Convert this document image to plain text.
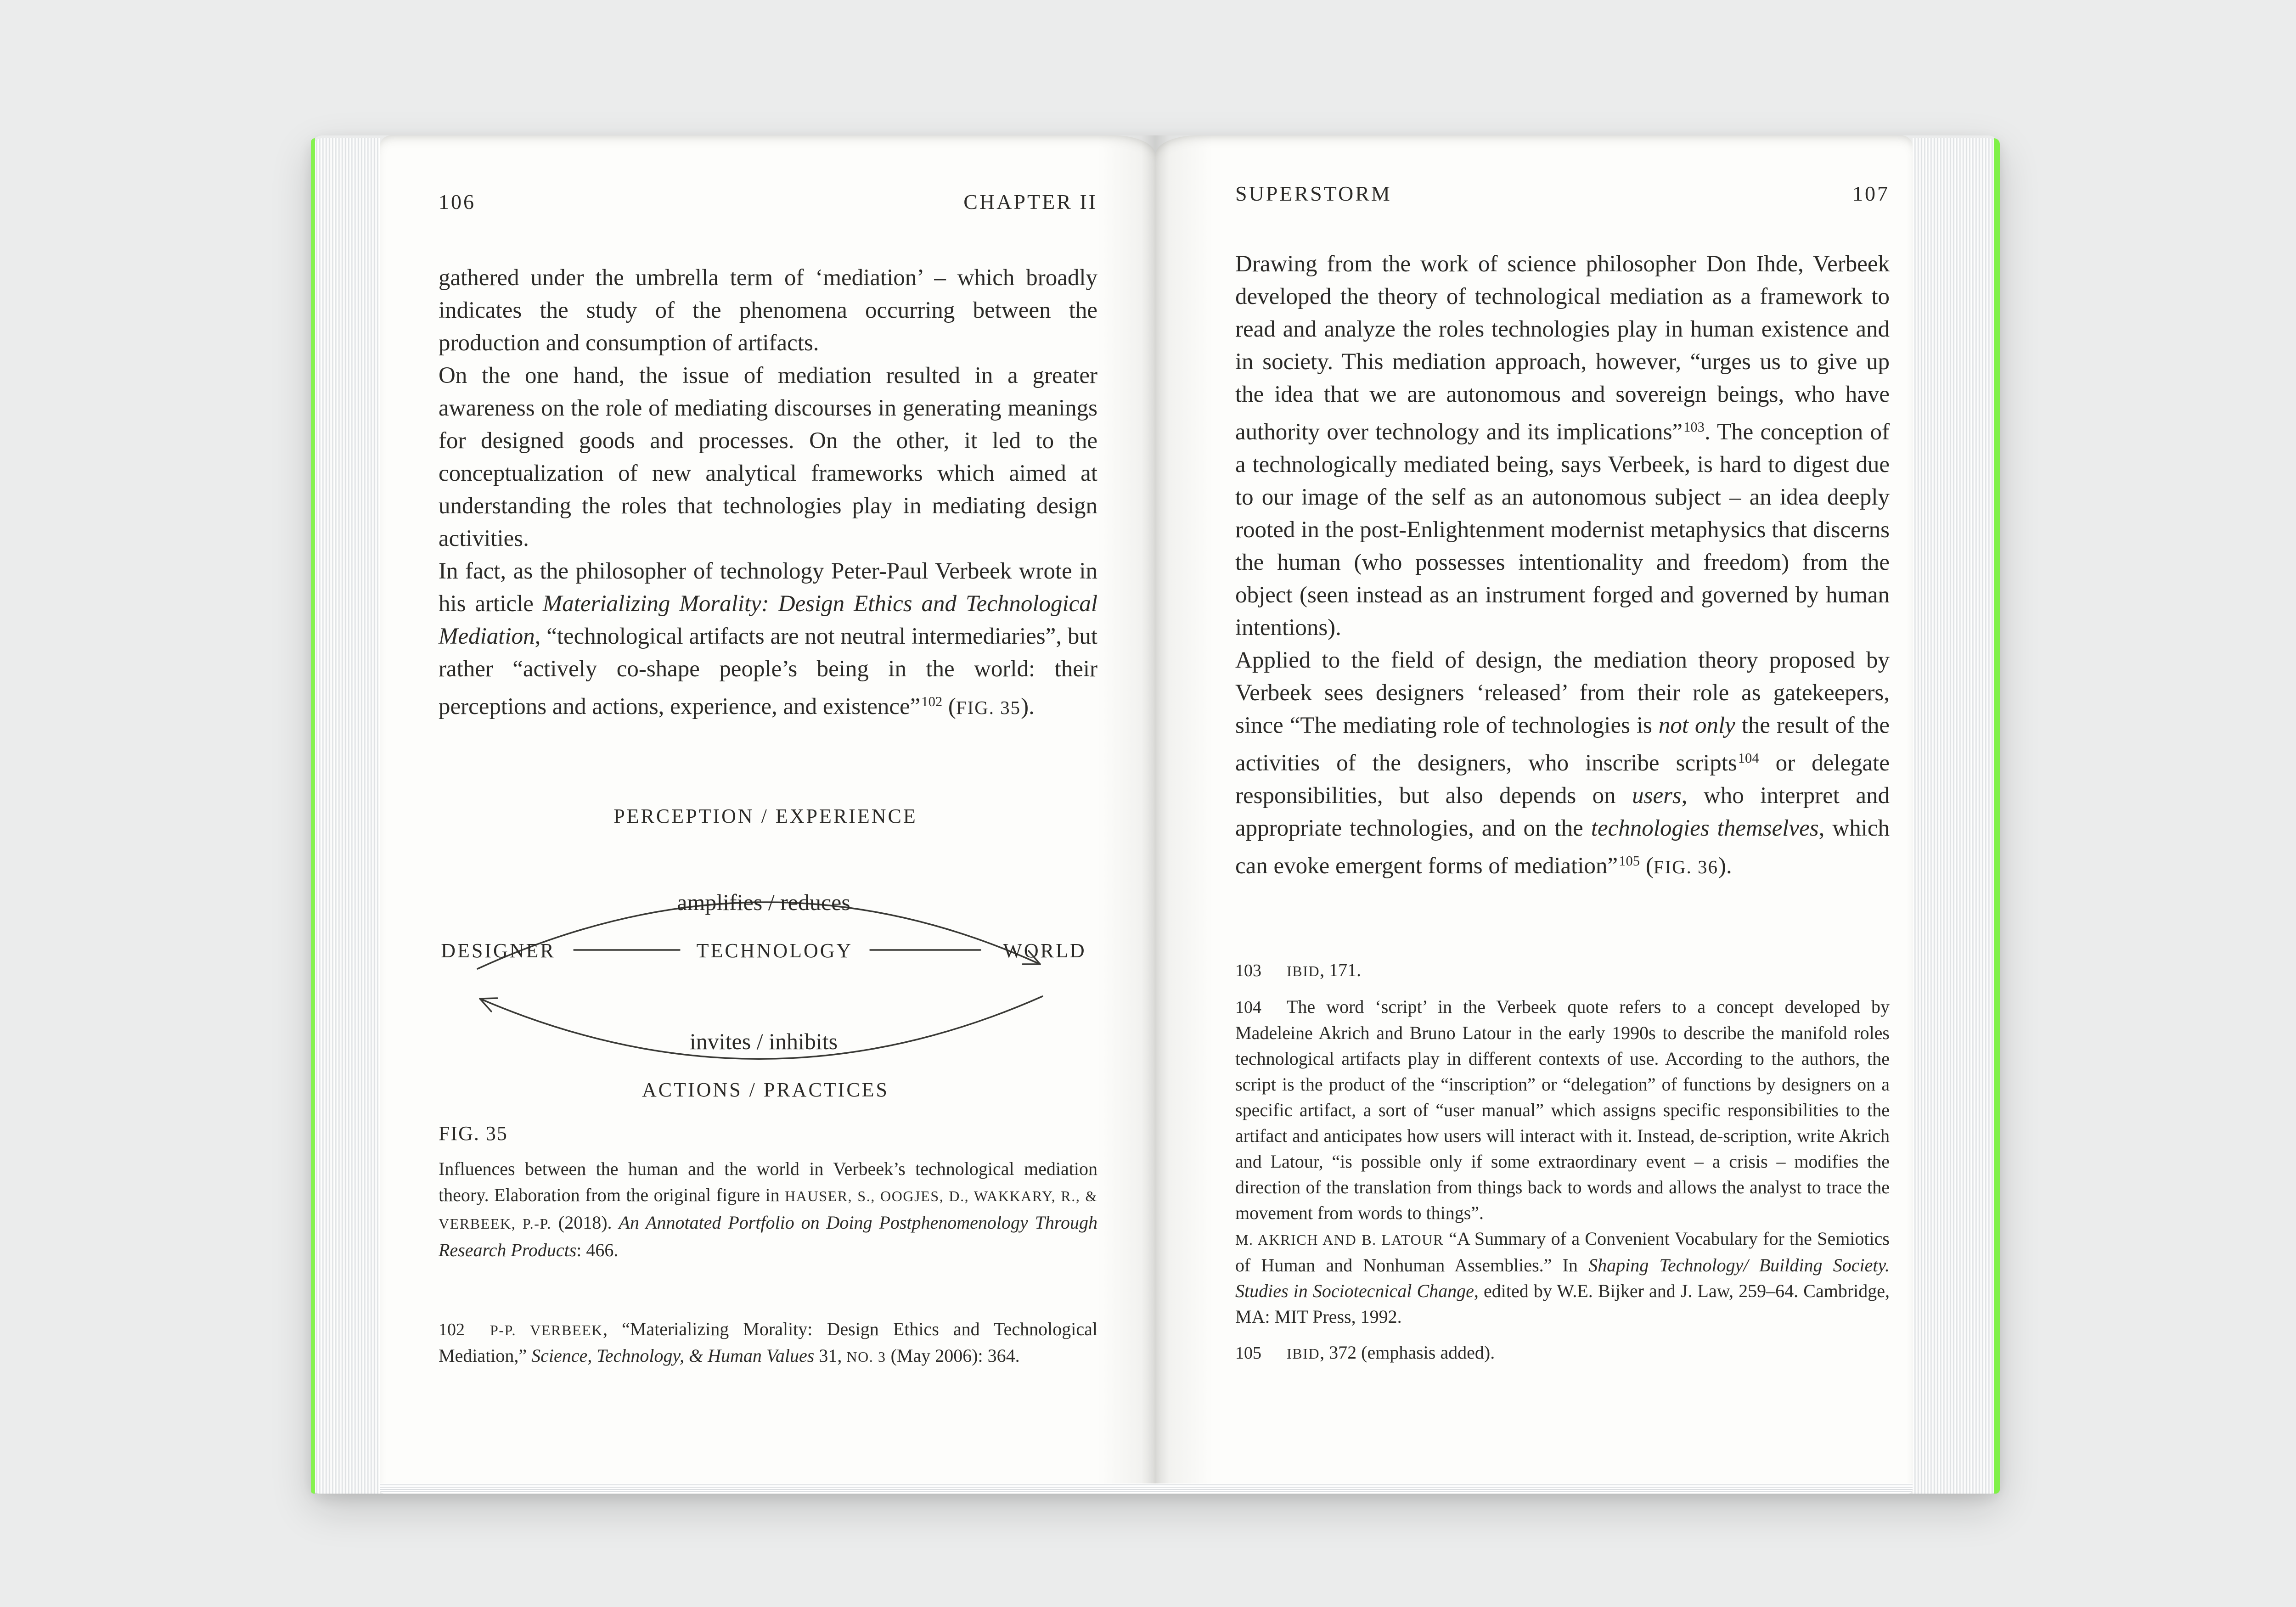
106	CHAPTER II

gathered under the umbrella term of ‘mediation’ – which broadly indicates the study of the phenomena occurring between the production and consumption of artifacts.

On the one hand, the issue of mediation resulted in a greater awareness on the role of mediating discourses in generating meanings for designed goods and processes. On the other, it led to the conceptualization of new analytical frameworks which aimed at understanding the roles that technologies play in mediating design activities.

In fact, as the philosopher of technology Peter-Paul Verbeek wrote in his article Materializing Morality: Design Ethics and Technological Mediation, “technological artifacts are not neutral intermediaries”, but rather “actively co-shape people’s being in the world: their perceptions and actions, experience, and existence”$^{102}$ (FIG. 35).

PERCEPTION / EXPERIENCE
amplifies / reduces
DESIGNER	TECHNOLOGY	WORLD
invites / inhibits
ACTIONS / PRACTICES
FIG. 35
Influences between the human and the world in Verbeek’s technological mediation theory. Elaboration from the original figure in HAUSER, S., OOGJES, D., WAKKARY, R., & VERBEEK, P.-P. (2018). An Annotated Portfolio on Doing Postphenomenology Through Research Products: 466.

102 P-P. VERBEEK, “Materializing Morality: Design Ethics and Technological Mediation,” Science, Technology, & Human Values 31, NO. 3 (May 2006): 364.

SUPERSTORM	107

Drawing from the work of science philosopher Don Ihde, Verbeek developed the theory of technological mediation as a framework to read and analyze the roles technologies play in human existence and in society. This mediation approach, however, “urges us to give up the idea that we are autonomous and sovereign beings, who have authority over technology and its implications”$^{103}$. The conception of a technologically mediated being, says Verbeek, is hard to digest due to our image of the self as an autonomous subject – an idea deeply rooted in the post-Enlightenment modernist metaphysics that discerns the human (who possesses intentionality and freedom) from the object (seen instead as an instrument forged and governed by human intentions).

Applied to the field of design, the mediation theory proposed by Verbeek sees designers ‘released’ from their role as gatekeepers, since “The mediating role of technologies is not only the result of the activities of the designers, who inscribe scripts$^{104}$ or delegate responsibilities, but also depends on users, who interpret and appropriate technologies, and on the technologies themselves, which can evoke emergent forms of mediation”$^{105}$ (FIG. 36).

103 IBID, 171.

104 The word ‘script’ in the Verbeek quote refers to a concept developed by Madeleine Akrich and Bruno Latour in the early 1990s to describe the manifold roles technological artifacts play in different contexts of use. According to the authors, the script is the product of the “inscription” or “delegation” of functions by designers on a specific artifact, a sort of “user manual” which assigns specific responsibilities to the artifact and anticipates how users will interact with it. Instead, de-scription, write Akrich and Latour, “is possible only if some extraordinary event – a crisis – modifies the direction of the translation from things back to words and allows the analyst to trace the movement from words to things”.

M. AKRICH AND B. LATOUR “A Summary of a Convenient Vocabulary for the Semiotics of Human and Nonhuman Assemblies.” In Shaping Technology/ Building Society. Studies in Sociotecnical Change, edited by W.E. Bijker and J. Law, 259–64. Cambridge, MA: MIT Press, 1992.

105 IBID, 372 (emphasis added).
